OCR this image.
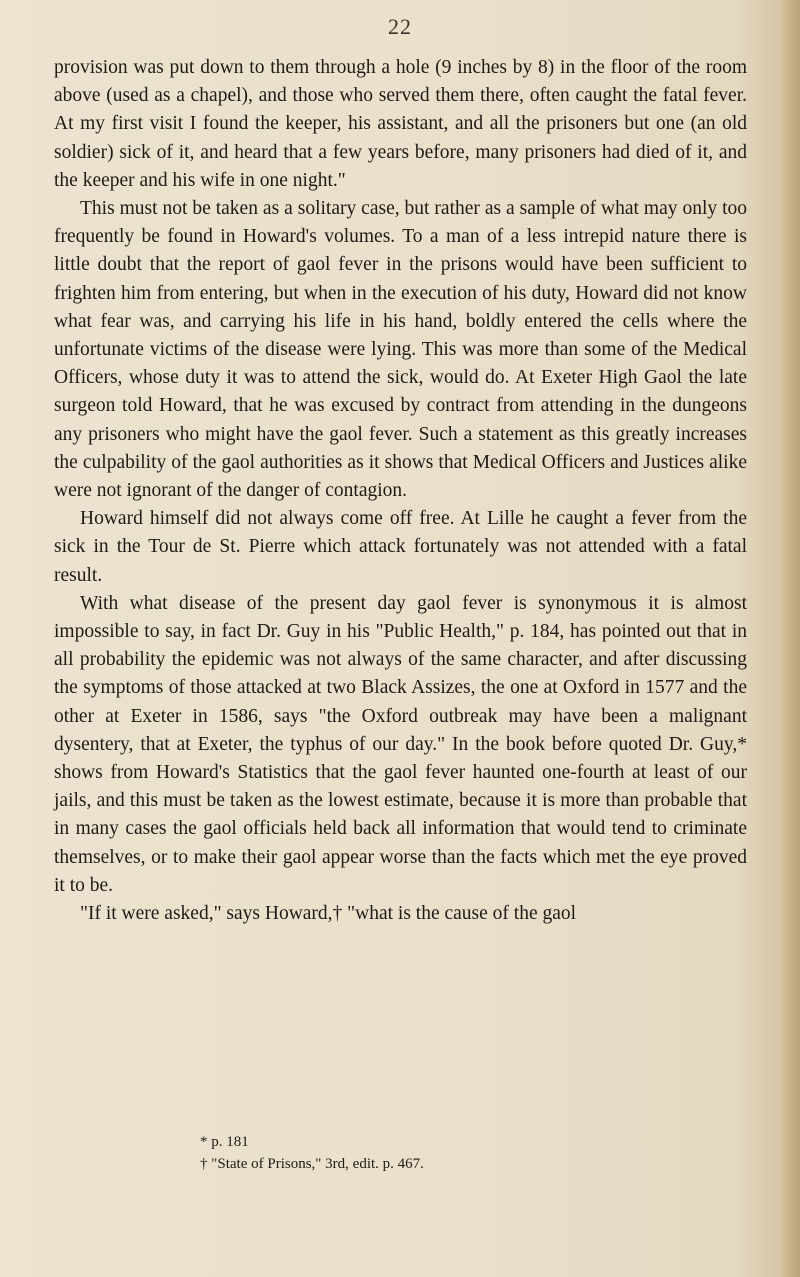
22

provision was put down to them through a hole (9 inches by 8) in the floor of the room above (used as a chapel), and those who served them there, often caught the fatal fever. At my first visit I found the keeper, his assistant, and all the prisoners but one (an old soldier) sick of it, and heard that a few years before, many prisoners had died of it, and the keeper and his wife in one night."

This must not be taken as a solitary case, but rather as a sample of what may only too frequently be found in Howard's volumes. To a man of a less intrepid nature there is little doubt that the report of gaol fever in the prisons would have been sufficient to frighten him from entering, but when in the execution of his duty, Howard did not know what fear was, and carrying his life in his hand, boldly entered the cells where the unfortunate victims of the disease were lying. This was more than some of the Medical Officers, whose duty it was to attend the sick, would do. At Exeter High Gaol the late surgeon told Howard, that he was excused by contract from attending in the dungeons any prisoners who might have the gaol fever. Such a statement as this greatly increases the culpability of the gaol authorities as it shows that Medical Officers and Justices alike were not ignorant of the danger of contagion.

Howard himself did not always come off free. At Lille he caught a fever from the sick in the Tour de St. Pierre which attack fortunately was not attended with a fatal result.

With what disease of the present day gaol fever is synonymous it is almost impossible to say, in fact Dr. Guy in his "Public Health," p. 184, has pointed out that in all probability the epidemic was not always of the same character, and after discussing the symptoms of those attacked at two Black Assizes, the one at Oxford in 1577 and the other at Exeter in 1586, says "the Oxford outbreak may have been a malignant dysentery, that at Exeter, the typhus of our day." In the book before quoted Dr. Guy,* shows from Howard's Statistics that the gaol fever haunted one-fourth at least of our jails, and this must be taken as the lowest estimate, because it is more than probable that in many cases the gaol officials held back all information that would tend to criminate themselves, or to make their gaol appear worse than the facts which met the eye proved it to be.

"If it were asked," says Howard,† "what is the cause of the gaol

* p. 181
† "State of Prisons," 3rd, edit. p. 467.
